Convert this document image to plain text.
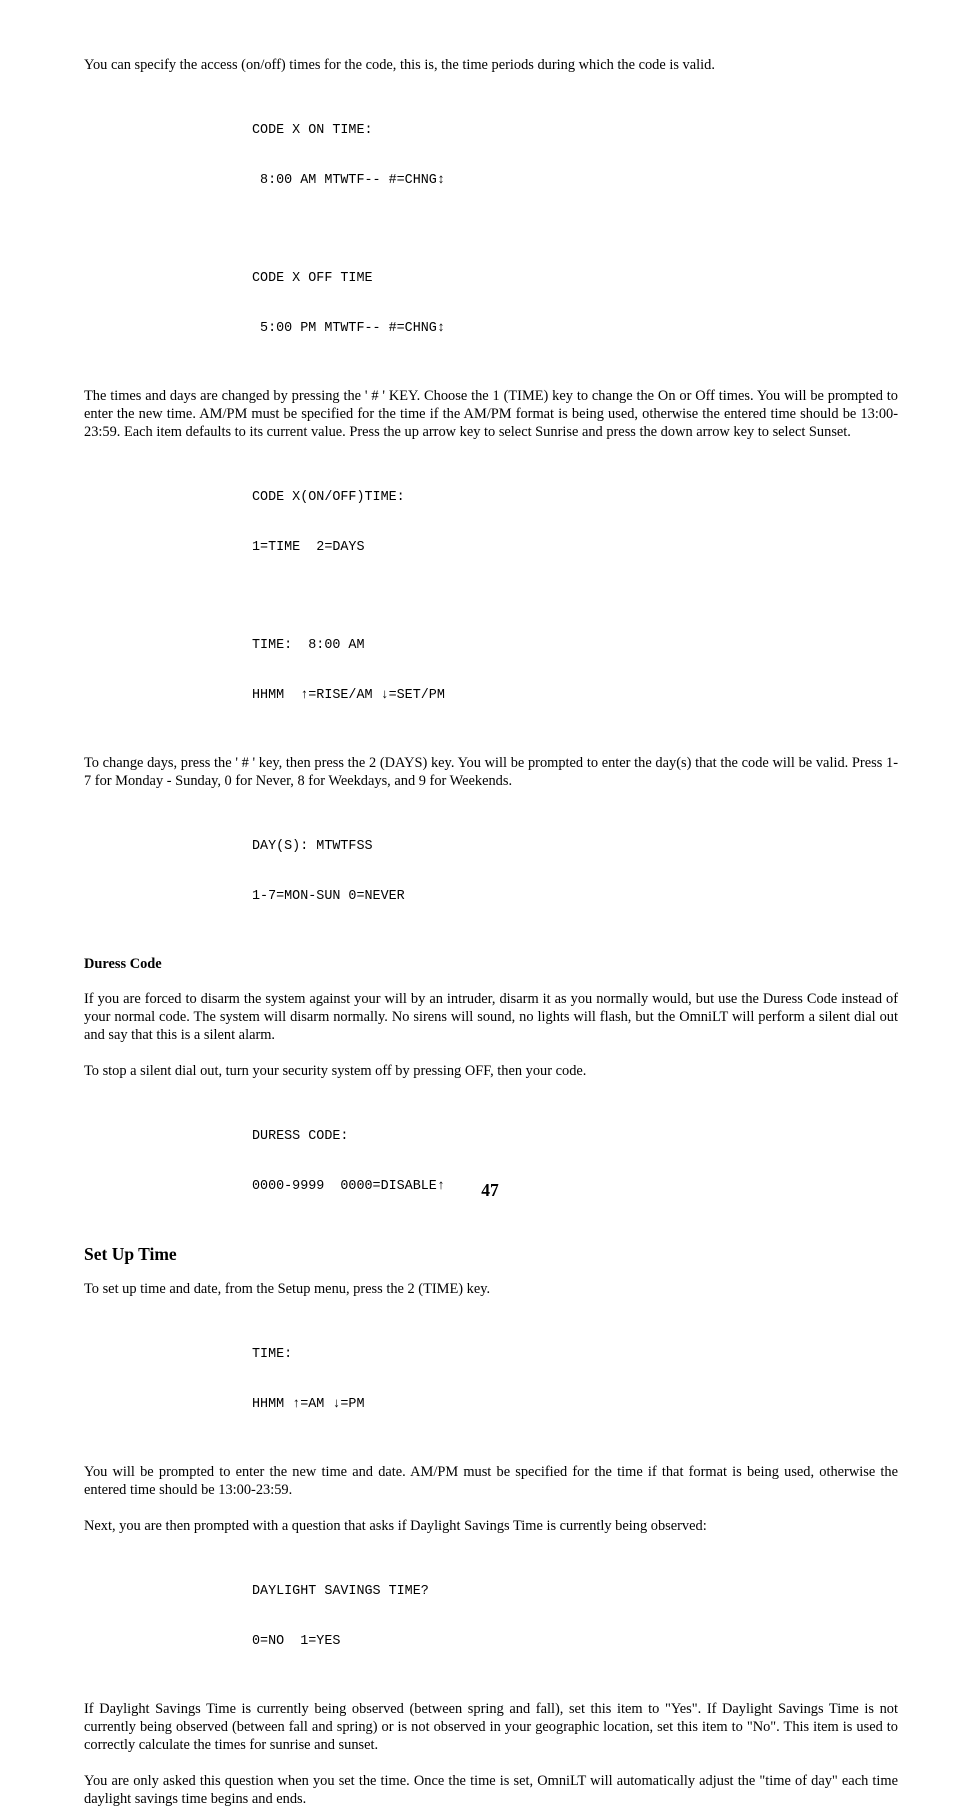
You can specify the access (on/off) times for the code, this is, the time periods during which the code is valid.

CODE X ON TIME:

8:00 AM MTWTF-- #=CHNG↕

CODE X OFF TIME

5:00 PM MTWTF-- #=CHNG↕

The times and days are changed by pressing the ' # ' KEY. Choose the 1 (TIME) key to change the On or Off times. You will be prompted to enter the new time. AM/PM must be specified for the time if the AM/PM format is being used, otherwise the entered time should be 13:00-23:59. Each item defaults to its current value. Press the up arrow key to select Sunrise and press the down arrow key to select Sunset.

CODE X(ON/OFF)TIME:

1=TIME  2=DAYS

TIME:  8:00 AM

HHMM  ↑=RISE/AM ↓=SET/PM

To change days, press the ' # ' key, then press the 2 (DAYS) key. You will be prompted to enter the day(s) that the code will be valid. Press 1-7 for Monday - Sunday, 0 for Never, 8 for Weekdays, and 9 for Weekends.

DAY(S): MTWTFSS

1-7=MON-SUN 0=NEVER

Duress Code

If you are forced to disarm the system against your will by an intruder, disarm it as you normally would, but use the Duress Code instead of your normal code. The system will disarm normally. No sirens will sound, no lights will flash, but the OmniLT will perform a silent dial out and say that this is a silent alarm.

To stop a silent dial out, turn your security system off by pressing OFF, then your code.

DURESS CODE:

0000-9999  0000=DISABLE↑

Set Up Time

To set up time and date, from the Setup menu, press the 2 (TIME) key.

TIME:

HHMM ↑=AM ↓=PM

You will be prompted to enter the new time and date. AM/PM must be specified for the time if that format is being used, otherwise the entered time should be 13:00-23:59.

Next, you are then prompted with a question that asks if Daylight Savings Time is currently being observed:

DAYLIGHT SAVINGS TIME?

0=NO  1=YES

If Daylight Savings Time is currently being observed (between spring and fall), set this item to "Yes". If Daylight Savings Time is not currently being observed (between fall and spring) or is not observed in your geographic location, set this item to "No". This item is used to correctly calculate the times for sunrise and sunset.

You are only asked this question when you set the time. Once the time is set, OmniLT will automatically adjust the "time of day" each time daylight savings time begins and ends.

47
